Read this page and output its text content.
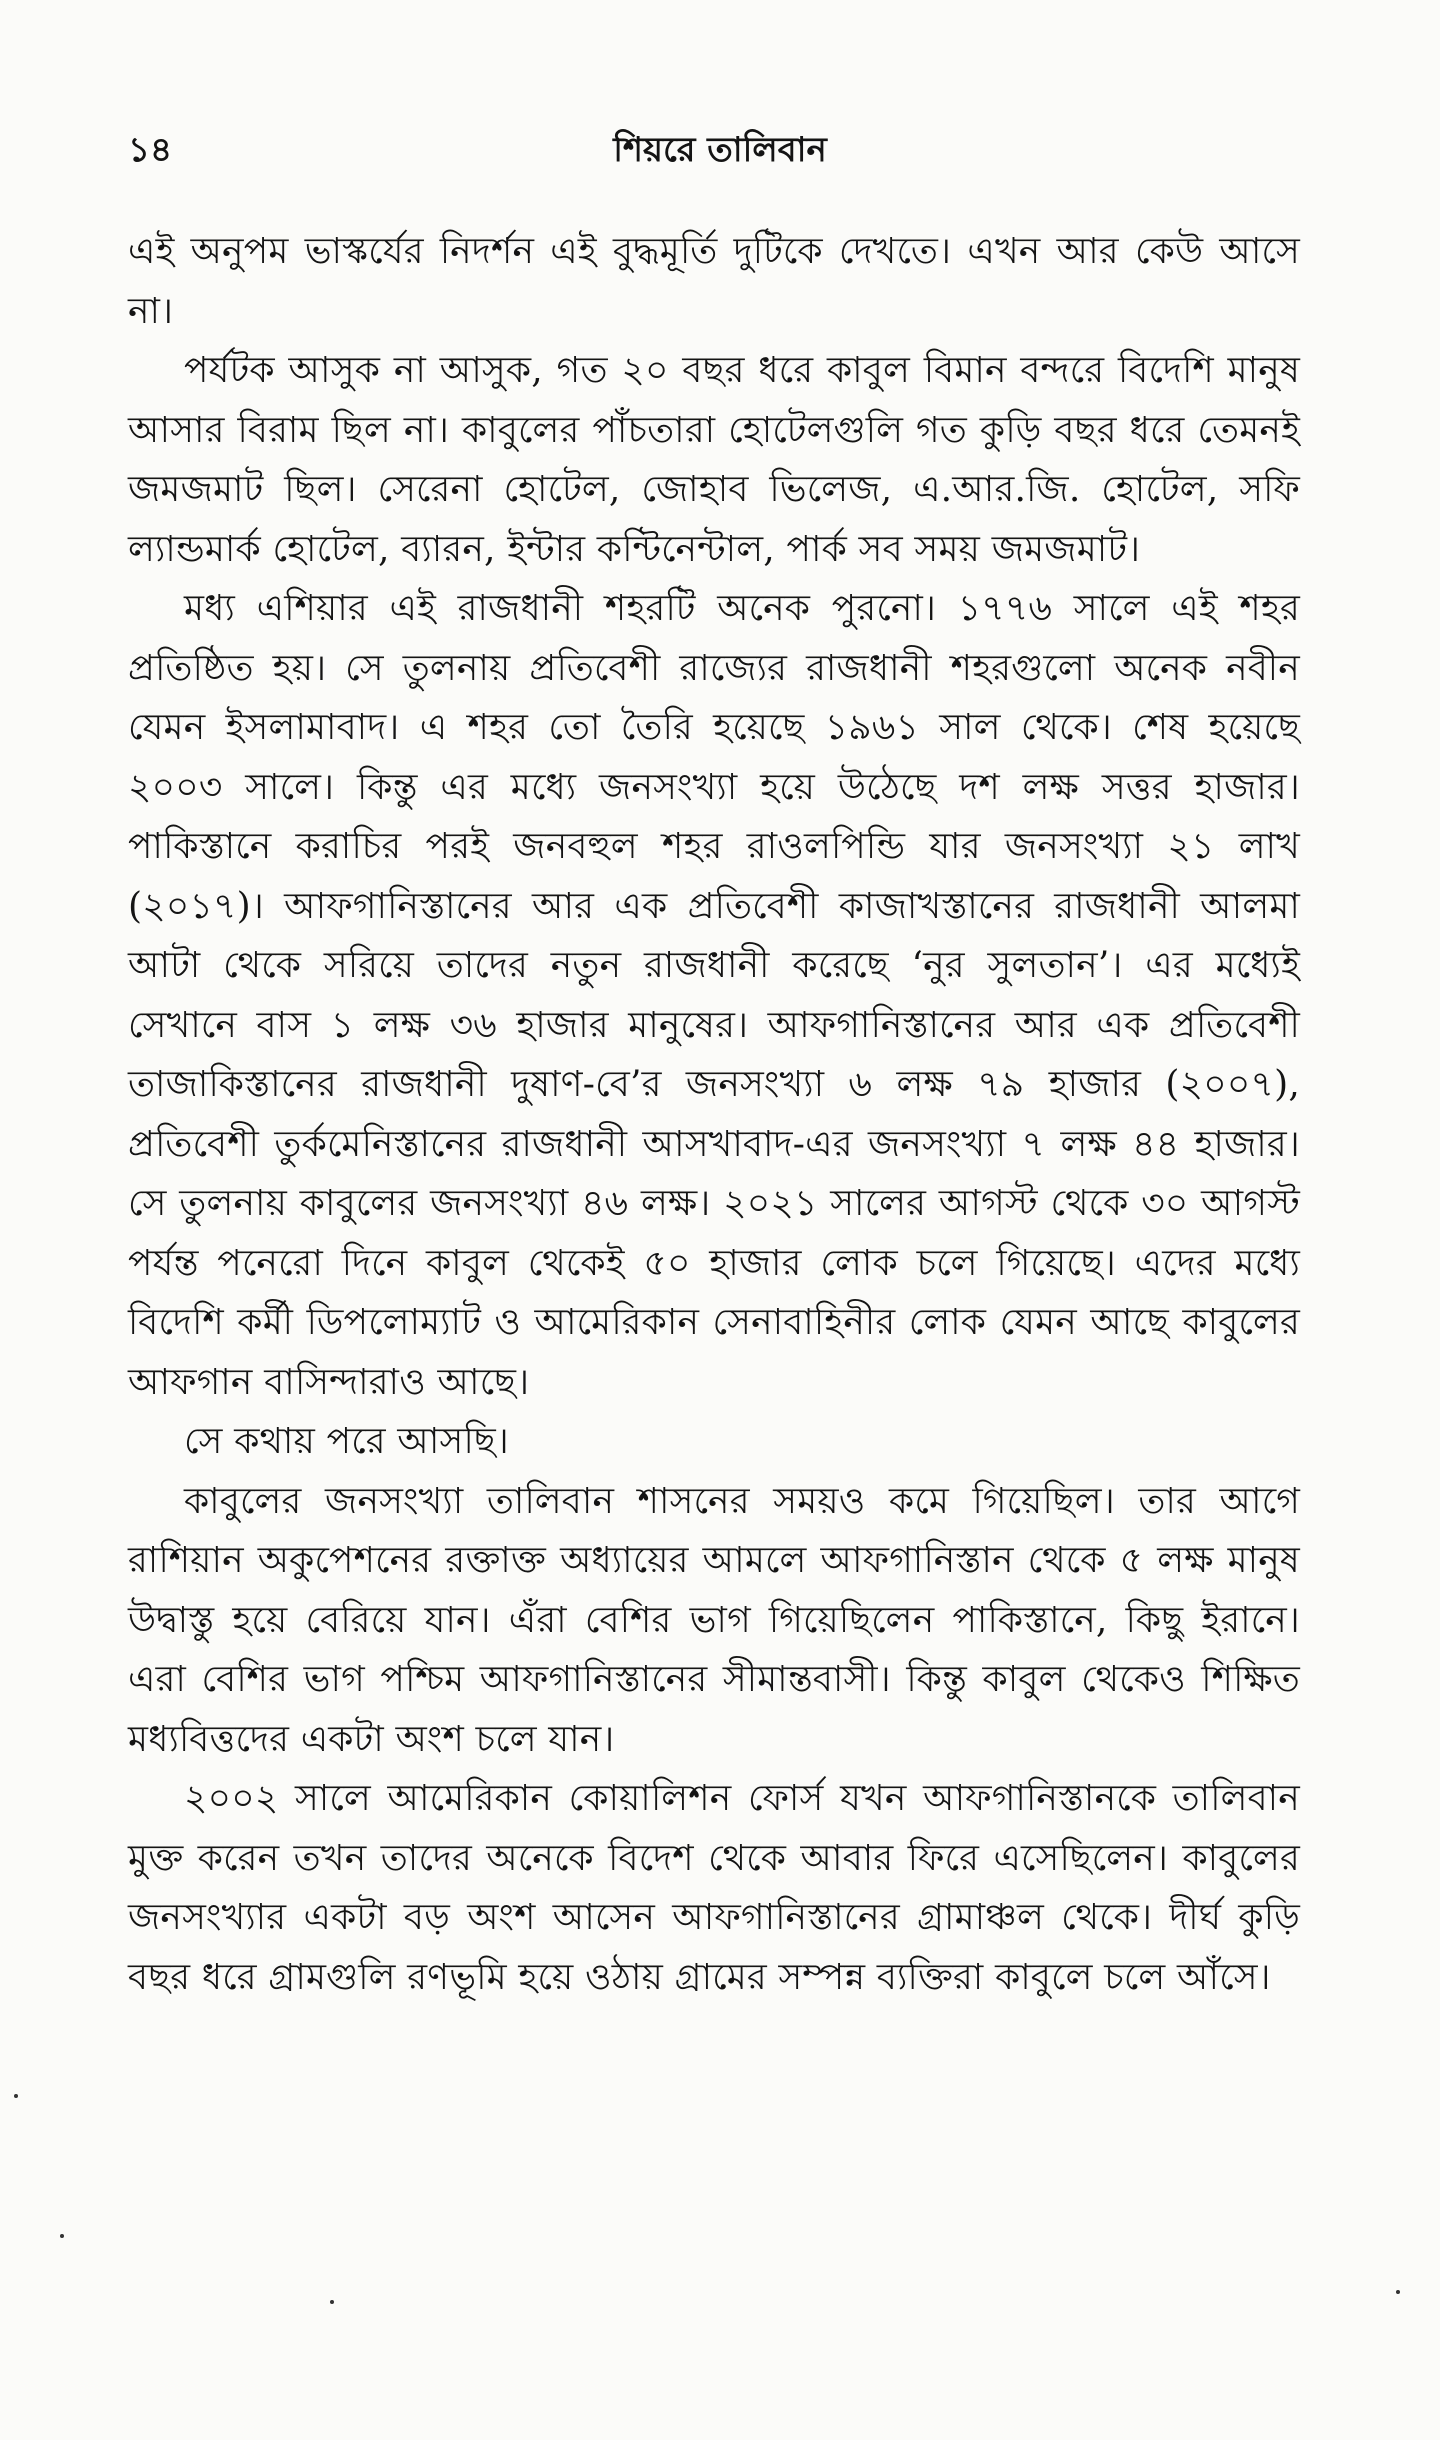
১৪	শিয়রে তালিবান

এই অনুপম ভাস্কর্যের নিদর্শন এই বুদ্ধমূর্তি দুটিকে দেখতে। এখন আর কেউ আসে না।

পর্যটক আসুক না আসুক, গত ২০ বছর ধরে কাবুল বিমান বন্দরে বিদেশি মানুষ আসার বিরাম ছিল না। কাবুলের পাঁচতারা হোটেলগুলি গত কুড়ি বছর ধরে তেমনই জমজমাট ছিল। সেরেনা হোটেল, জোহাব ভিলেজ, এ.আর.জি. হোটেল, সফি ল্যান্ডমার্ক হোটেল, ব্যারন, ইন্টার কন্টিনেন্টাল, পার্ক সব সময় জমজমাট।

মধ্য এশিয়ার এই রাজধানী শহরটি অনেক পুরনো। ১৭৭৬ সালে এই শহর প্রতিষ্ঠিত হয়। সে তুলনায় প্রতিবেশী রাজ্যের রাজধানী শহরগুলো অনেক নবীন যেমন ইসলামাবাদ। এ শহর তো তৈরি হয়েছে ১৯৬১ সাল থেকে। শেষ হয়েছে ২০০৩ সালে। কিন্তু এর মধ্যে জনসংখ্যা হয়ে উঠেছে দশ লক্ষ সত্তর হাজার। পাকিস্তানে করাচির পরই জনবহুল শহর রাওলপিন্ডি যার জনসংখ্যা ২১ লাখ (২০১৭)। আফগানিস্তানের আর এক প্রতিবেশী কাজাখস্তানের রাজধানী আলমা আটা থেকে সরিয়ে তাদের নতুন রাজধানী করেছে ‘নুর সুলতান’। এর মধ্যেই সেখানে বাস ১ লক্ষ ৩৬ হাজার মানুষের। আফগানিস্তানের আর এক প্রতিবেশী তাজাকিস্তানের রাজধানী দুষাণ-বে’র জনসংখ্যা ৬ লক্ষ ৭৯ হাজার (২০০৭), প্রতিবেশী তুর্কমেনিস্তানের রাজধানী আসখাবাদ-এর জনসংখ্যা ৭ লক্ষ ৪৪ হাজার। সে তুলনায় কাবুলের জনসংখ্যা ৪৬ লক্ষ। ২০২১ সালের আগস্ট থেকে ৩০ আগস্ট পর্যন্ত পনেরো দিনে কাবুল থেকেই ৫০ হাজার লোক চলে গিয়েছে। এদের মধ্যে বিদেশি কর্মী ডিপলোম্যাট ও আমেরিকান সেনাবাহিনীর লোক যেমন আছে কাবুলের আফগান বাসিন্দারাও আছে।

সে কথায় পরে আসছি।

কাবুলের জনসংখ্যা তালিবান শাসনের সময়ও কমে গিয়েছিল। তার আগে রাশিয়ান অকুপেশনের রক্তাক্ত অধ্যায়ের আমলে আফগানিস্তান থেকে ৫ লক্ষ মানুষ উদ্বাস্তু হয়ে বেরিয়ে যান। এঁরা বেশির ভাগ গিয়েছিলেন পাকিস্তানে, কিছু ইরানে। এরা বেশির ভাগ পশ্চিম আফগানিস্তানের সীমান্তবাসী। কিন্তু কাবুল থেকেও শিক্ষিত মধ্যবিত্তদের একটা অংশ চলে যান।

২০০২ সালে আমেরিকান কোয়ালিশন ফোর্স যখন আফগানিস্তানকে তালিবান মুক্ত করেন তখন তাদের অনেকে বিদেশ থেকে আবার ফিরে এসেছিলেন। কাবুলের জনসংখ্যার একটা বড় অংশ আসেন আফগানিস্তানের গ্রামাঞ্চল থেকে। দীর্ঘ কুড়ি বছর ধরে গ্রামগুলি রণভূমি হয়ে ওঠায় গ্রামের সম্পন্ন ব্যক্তিরা কাবুলে চলে আঁসে।
